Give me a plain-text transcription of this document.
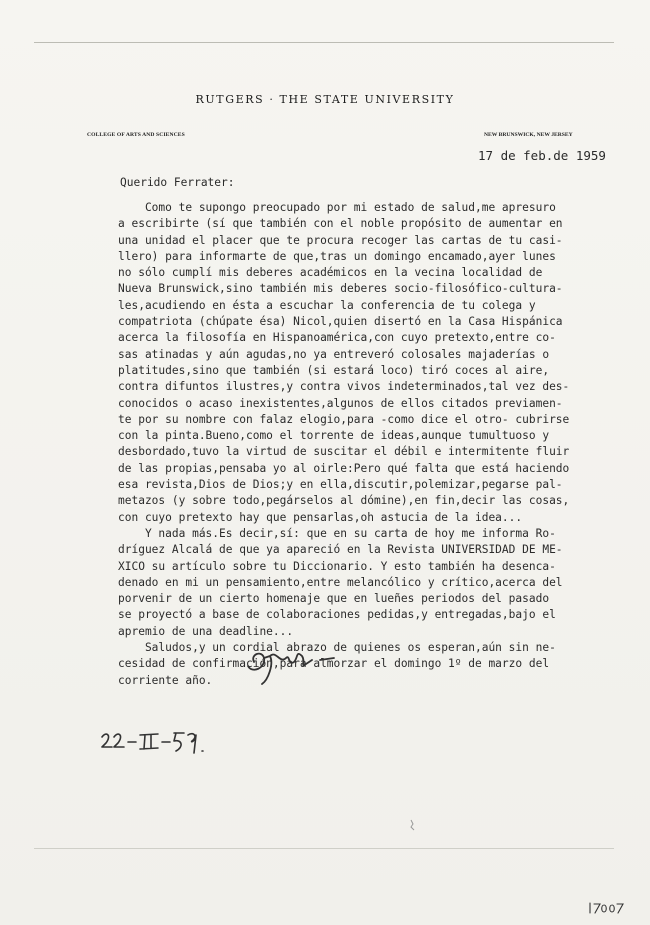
RUTGERS · THE STATE UNIVERSITY
COLLEGE OF ARTS AND SCIENCES	NEW BRUNSWICK, NEW JERSEY
17 de feb.de 1959
Querido Ferrater:
Como te supongo preocupado por mi estado de salud,me apresuro
a escribirte (sí que también con el noble propósito de aumentar en
una unidad el placer que te procura recoger las cartas de tu casi-
llero) para informarte de que,tras un domingo encamado,ayer lunes
no sólo cumplí mis deberes académicos en la vecina localidad de
Nueva Brunswick,sino también mis deberes socio-filosófico-cultura-
les,acudiendo en ésta a escuchar la conferencia de tu colega y
compatriota (chúpate ésa) Nicol,quien disertó en la Casa Hispánica
acerca la filosofía en Hispanoamérica,con cuyo pretexto,entre co-
sas atinadas y aún agudas,no ya entreveró colosales majaderías o
platitudes,sino que también (si estará loco) tiró coces al aire,
contra difuntos ilustres,y contra vivos indeterminados,tal vez des-
conocidos o acaso inexistentes,algunos de ellos citados previamen-
te por su nombre con falaz elogio,para -como dice el otro- cubrirse
con la pinta.Bueno,como el torrente de ideas,aunque tumultuoso y
desbordado,tuvo la virtud de suscitar el débil e intermitente fluir
de las propias,pensaba yo al oirle:Pero qué falta que está haciendo
esa revista,Dios de Dios;y en ella,discutir,polemizar,pegarse pal-
metazos (y sobre todo,pegárselos al dómine),en fin,decir las cosas,
con cuyo pretexto hay que pensarlas,oh astucia de la idea...
Y nada más.Es decir,sí: que en su carta de hoy me informa Ro-
dríguez Alcalá de que ya apareció en la Revista UNIVERSIDAD DE ME-
XICO su artículo sobre tu Diccionario. Y esto también ha desenca-
denado en mi un pensamiento,entre melancólico y crítico,acerca del
porvenir de un cierto homenaje que en lueñes periodos del pasado
se proyectó a base de colaboraciones pedidas,y entregadas,bajo el
apremio de una deadline...
Saludos,y un cordial abrazo de quienes os esperan,aún sin ne-
cesidad de confirmación,para almorzar el domingo 1º de marzo del
corriente año.
